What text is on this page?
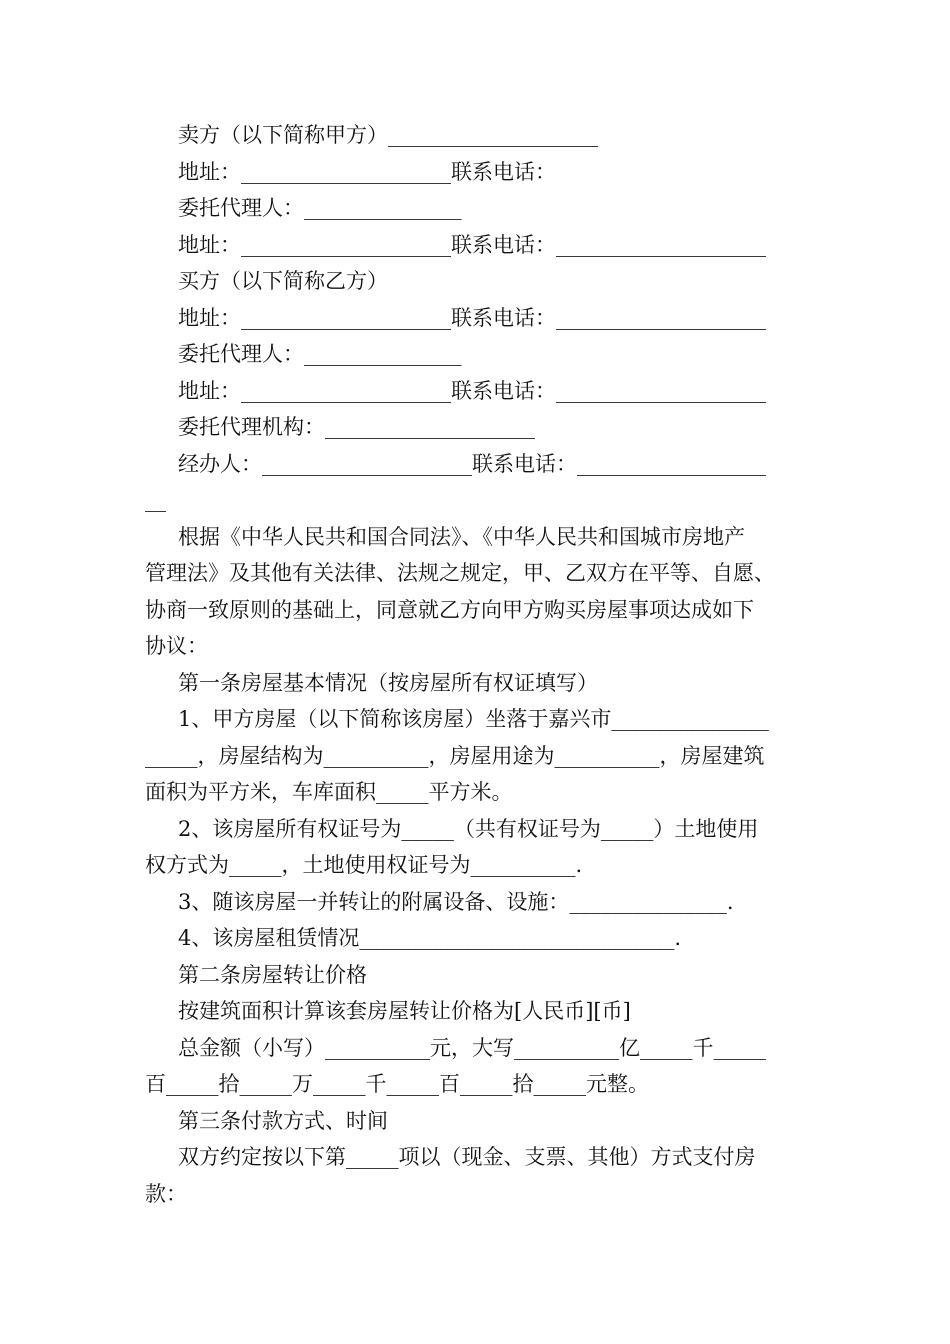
卖方（以下简称甲方）____________________
地址：____________________联系电话：
委托代理人：_______________
地址：____________________联系电话：____________________
买方（以下简称乙方）
地址：____________________联系电话：____________________
委托代理人：_______________
地址：____________________联系电话：____________________
委托代理机构：____________________
经办人：____________________联系电话：__________________
__
根据《中华人民共和国合同法》、《中华人民共和国城市房地产
管理法》及其他有关法律、法规之规定，甲、乙双方在平等、自愿、
协商一致原则的基础上，同意就乙方向甲方购买房屋事项达成如下
协议：
第一条房屋基本情况（按房屋所有权证填写）
1、甲方房屋（以下简称该房屋）坐落于嘉兴市_______________
_____，房屋结构为__________，房屋用途为__________，房屋建筑
面积为平方米，车库面积_____平方米。
2、该房屋所有权证号为_____（共有权证号为_____）土地使用
权方式为_____，土地使用权证号为__________.
3、随该房屋一并转让的附属设备、设施：_______________.
4、该房屋租赁情况______________________________.
第二条房屋转让价格
按建筑面积计算该套房屋转让价格为[人民币][币]
总金额（小写）__________元，大写__________亿_____千_____
百_____拾_____万_____千_____百_____拾_____元整。
第三条付款方式、时间
双方约定按以下第_____项以（现金、支票、其他）方式支付房
款：
